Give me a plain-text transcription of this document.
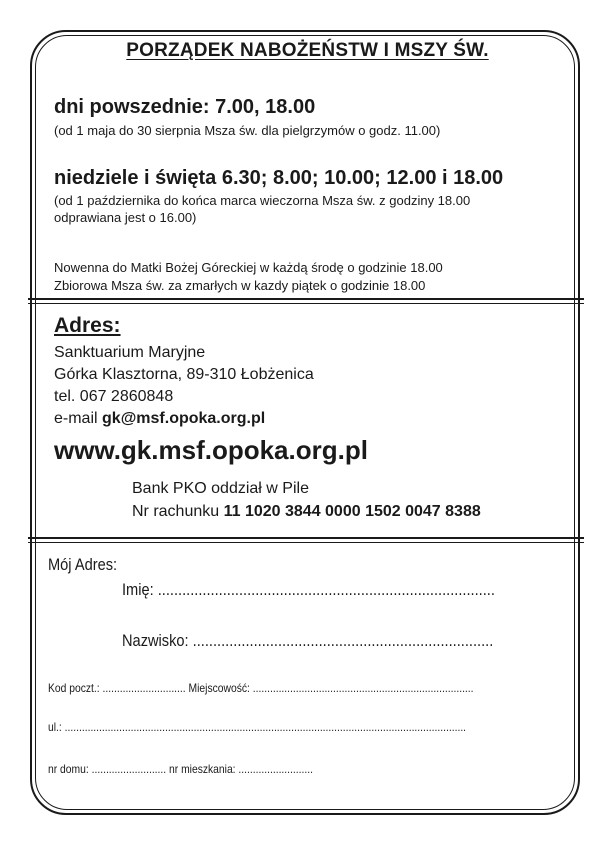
PORZĄDEK NABOŻEŃSTW I MSZY ŚW.
dni powszednie: 7.00, 18.00
(od 1 maja do 30 sierpnia Msza św. dla pielgrzymów o godz. 11.00)
niedziele i święta 6.30; 8.00; 10.00; 12.00 i 18.00
(od 1 października do końca marca wieczorna Msza św. z godziny 18.00
odprawiana jest o 16.00)
Nowenna do Matki Bożej Góreckiej w każdą środę o godzinie 18.00
Zbiorowa Msza św. za zmarłych w kazdy piątek o godzinie 18.00
Adres:
Sanktuarium Maryjne
Górka Klasztorna, 89-310 Łobżenica
tel. 067 2860848
e-mail gk@msf.opoka.org.pl
www.gk.msf.opoka.org.pl
Bank PKO oddział w Pile
Nr rachunku 11 1020 3844 0000 1502 0047 8388
Mój Adres:
Imię: ...................................................................................
Nazwisko: ..........................................................................
Kod poczt.: ............................. Miejscowość: .............................................................................
ul.: ............................................................................................................................................
nr domu: .......................... nr mieszkania: ..........................
